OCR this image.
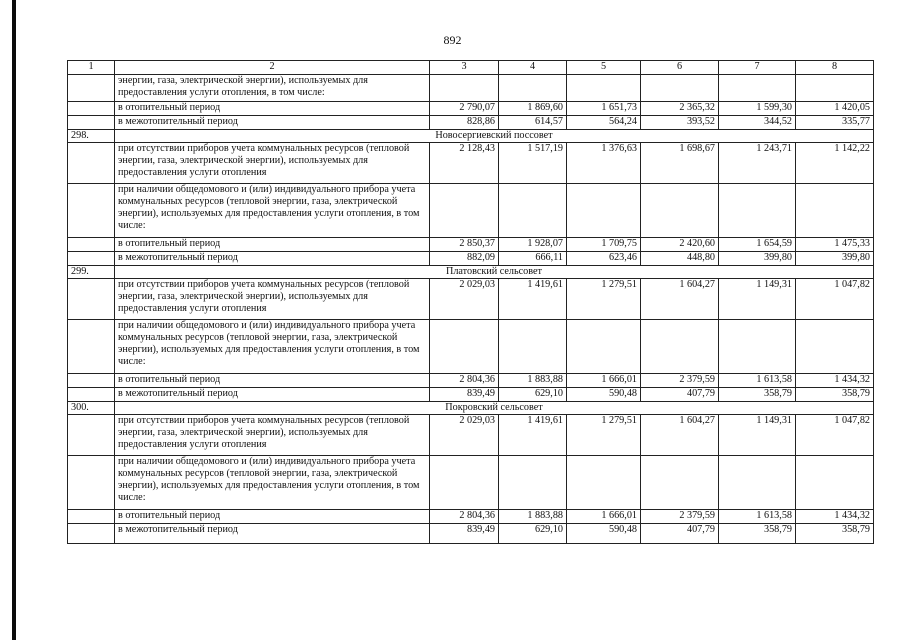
892
1	2	3	4	5	6	7	8
	энергии, газа, электрической энергии), используемых для предоставления услуги отопления, в том числе:						
	в отопительный период	2 790,07	1 869,60	1 651,73	2 365,32	1 599,30	1 420,05
	в межотопительный период	828,86	614,57	564,24	393,52	344,52	335,77
298.	Новосергиевский поссовет						
	при отсутствии приборов учета коммунальных ресурсов (тепловой энергии, газа, электрической энергии), используемых для предоставления услуги отопления	2 128,43	1 517,19	1 376,63	1 698,67	1 243,71	1 142,22
	при наличии общедомового и (или) индивидуального прибора учета коммунальных ресурсов (тепловой энергии, газа, электрической энергии), используемых для предоставления услуги отопления, в том числе:						
	в отопительный период	2 850,37	1 928,07	1 709,75	2 420,60	1 654,59	1 475,33
	в межотопительный период	882,09	666,11	623,46	448,80	399,80	399,80
299.	Платовский сельсовет						
	при отсутствии приборов учета коммунальных ресурсов (тепловой энергии, газа, электрической энергии), используемых для предоставления услуги отопления	2 029,03	1 419,61	1 279,51	1 604,27	1 149,31	1 047,82
	при наличии общедомового и (или) индивидуального прибора учета коммунальных ресурсов (тепловой энергии, газа, электрической энергии), используемых для предоставления услуги отопления, в том числе:						
	в отопительный период	2 804,36	1 883,88	1 666,01	2 379,59	1 613,58	1 434,32
	в межотопительный период	839,49	629,10	590,48	407,79	358,79	358,79
300.	Покровский сельсовет						
	при отсутствии приборов учета коммунальных ресурсов (тепловой энергии, газа, электрической энергии), используемых для предоставления услуги отопления	2 029,03	1 419,61	1 279,51	1 604,27	1 149,31	1 047,82
	при наличии общедомового и (или) индивидуального прибора учета коммунальных ресурсов (тепловой энергии, газа, электрической энергии), используемых для предоставления услуги отопления, в том числе:						
	в отопительный период	2 804,36	1 883,88	1 666,01	2 379,59	1 613,58	1 434,32
	в межотопительный период	839,49	629,10	590,48	407,79	358,79	358,79
